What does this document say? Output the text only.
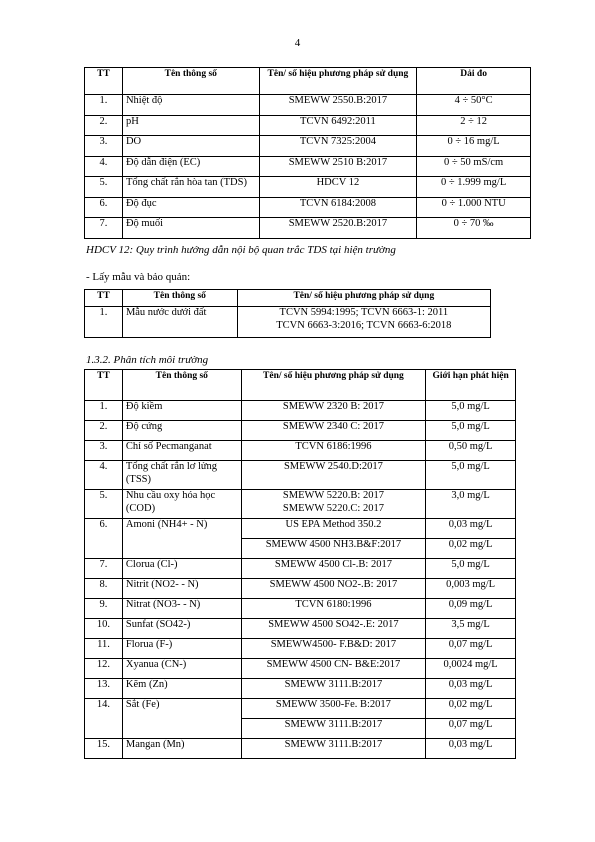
4
TT	Tên thông số	Tên/ số hiệu phương pháp sử dụng	Dải đo
1.	Nhiệt độ	SMEWW 2550.B:2017	4 ÷ 50°C
2.	pH	TCVN 6492:2011	2 ÷ 12
3.	DO	TCVN 7325:2004	0 ÷ 16 mg/L
4.	Độ dẫn điện (EC)	SMEWW 2510 B:2017	0 ÷ 50 mS/cm
5.	Tổng chất rắn hòa tan (TDS)	HDCV 12	0 ÷ 1.999 mg/L
6.	Độ đục	TCVN 6184:2008	0 ÷ 1.000 NTU
7.	Độ muối	SMEWW 2520.B:2017	0 ÷ 70 ‰
HDCV 12: Quy trình hướng dẫn nội bộ quan trắc TDS tại hiện trường
- Lấy mẫu và bảo quản:
TT	Tên thông số	Tên/ số hiệu phương pháp sử dụng
1.	Mẫu nước dưới đất	TCVN 5994:1995; TCVN 6663-1: 2011
TCVN 6663-3:2016; TCVN 6663-6:2018
1.3.2. Phân tích môi trường
TT	Tên thông số	Tên/ số hiệu phương pháp sử dụng	Giới hạn phát hiện
1.	Độ kiềm	SMEWW 2320 B: 2017	5,0 mg/L
2.	Độ cứng	SMEWW 2340 C: 2017	5,0 mg/L
3.	Chỉ số Pecmanganat	TCVN 6186:1996	0,50 mg/L
4.	Tổng chất rắn lơ lửng (TSS)	SMEWW 2540.D:2017	5,0 mg/L
5.	Nhu cầu oxy hóa học (COD)	SMEWW 5220.B: 2017
SMEWW 5220.C: 2017	3,0 mg/L
6.	Amoni (NH4+ - N)	US EPA Method 350.2	0,03 mg/L
		SMEWW 4500 NH3.B&F:2017	0,02 mg/L
7.	Clorua (Cl-)	SMEWW 4500 Cl-.B: 2017	5,0 mg/L
8.	Nitrit (NO2- - N)	SMEWW 4500 NO2-.B: 2017	0,003 mg/L
9.	Nitrat (NO3- - N)	TCVN 6180:1996	0,09 mg/L
10.	Sunfat (SO42-)	SMEWW 4500 SO42-.E: 2017	3,5 mg/L
11.	Florua (F-)	SMEWW4500- F.B&D: 2017	0,07 mg/L
12.	Xyanua (CN-)	SMEWW 4500 CN- B&E:2017	0,0024 mg/L
13.	Kẽm (Zn)	SMEWW 3111.B:2017	0,03 mg/L
14.	Sắt (Fe)	SMEWW 3500-Fe. B:2017	0,02 mg/L
		SMEWW 3111.B:2017	0,07 mg/L
15.	Mangan (Mn)	SMEWW 3111.B:2017	0,03 mg/L
